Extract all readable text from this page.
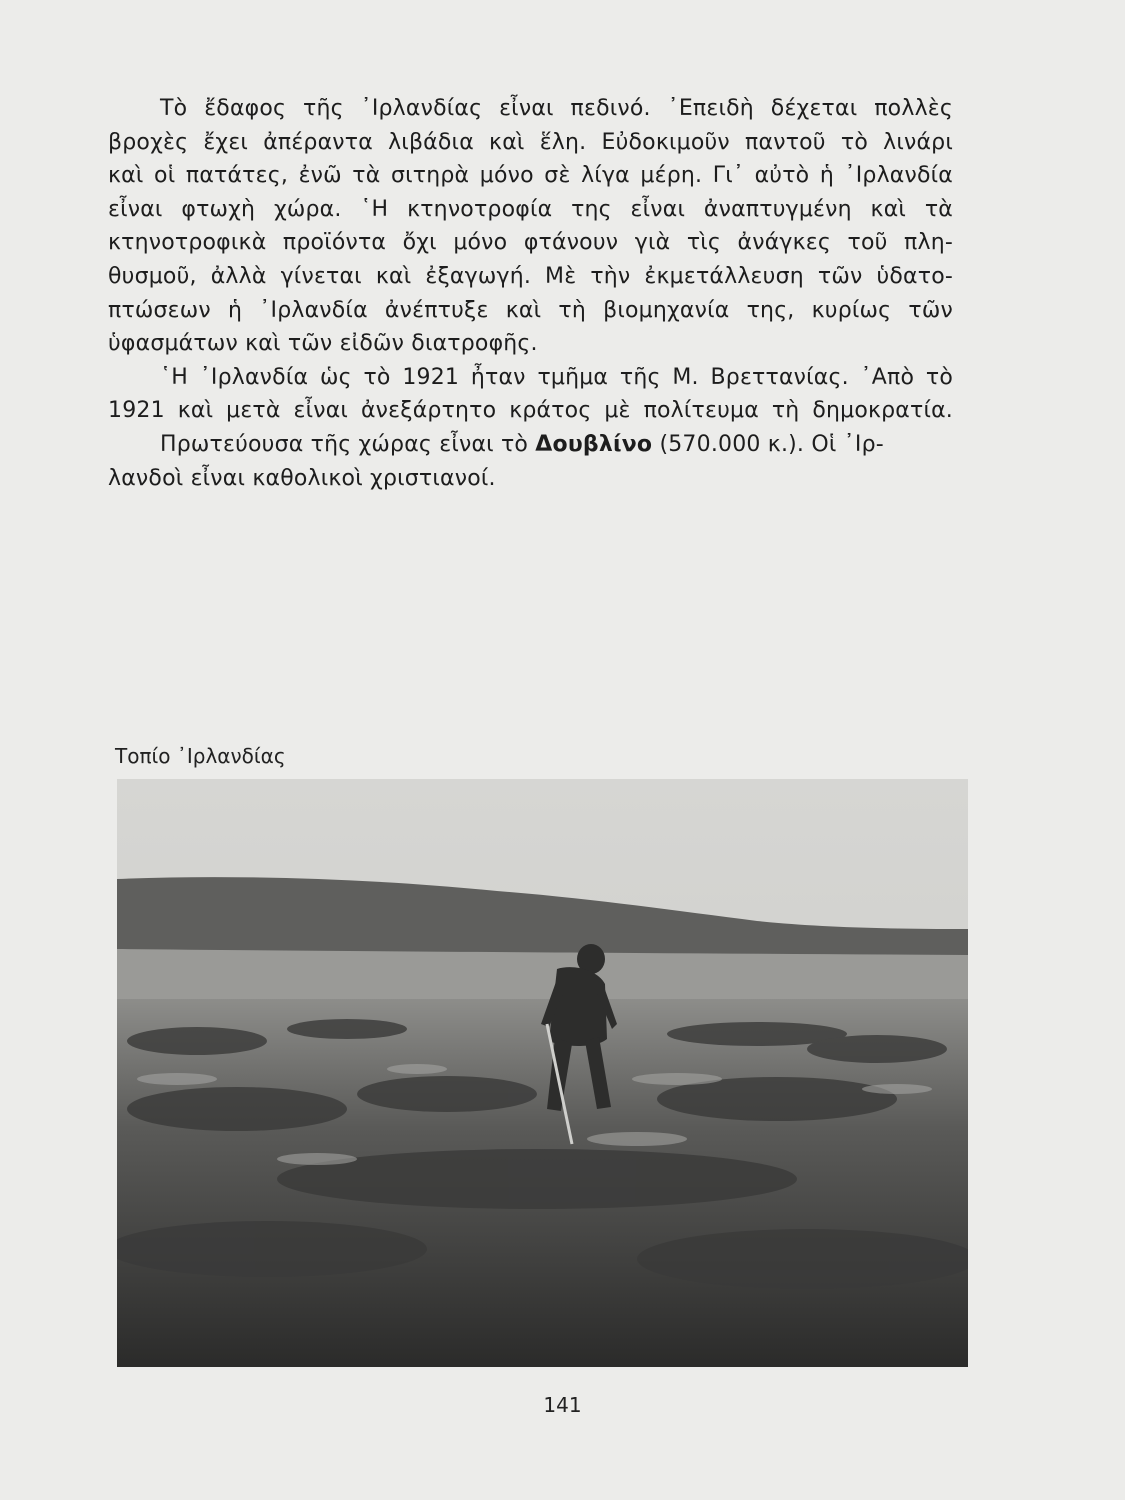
Τὸ ἔδαφος τῆς ᾿Ιρλανδίας εἶναι πεδινό. ᾿Επειδὴ δέχεται πολλὲς
βροχὲς ἔχει ἀπέραντα λιβάδια καὶ ἕλη. Εὐδοκιμοῦν παντοῦ τὸ λινάρι
καὶ οἱ πατάτες, ἐνῶ τὰ σιτηρὰ μόνο σὲ λίγα μέρη. Γι᾿ αὐτὸ ἡ ᾿Ιρλανδία
εἶναι φτωχὴ χώρα. ῾Η κτηνοτροφία της εἶναι ἀναπτυγμένη καὶ τὰ
κτηνοτροφικὰ προϊόντα ὄχι μόνο φτάνουν γιὰ τὶς ἀνάγκες τοῦ πλη-
θυσμοῦ, ἀλλὰ γίνεται καὶ ἐξαγωγή. Μὲ τὴν ἐκμετάλλευση τῶν ὑδατο-
πτώσεων ἡ ᾿Ιρλανδία ἀνέπτυξε καὶ τὴ βιομηχανία της, κυρίως τῶν
ὑφασμάτων καὶ τῶν εἰδῶν διατροφῆς.
῾Η ᾿Ιρλανδία ὡς τὸ 1921 ἦταν τμῆμα τῆς Μ. Βρεττανίας. ᾿Απὸ τὸ
1921 καὶ μετὰ εἶναι ἀνεξάρτητο κράτος μὲ πολίτευμα τὴ δημοκρατία.
Πρωτεύουσα τῆς χώρας εἶναι τὸ Δουβλίνο (570.000 κ.). Οἱ ᾿Ιρ-
λανδοὶ εἶναι καθολικοὶ χριστιανοί.
Τοπίο ᾿Ιρλανδίας
141
